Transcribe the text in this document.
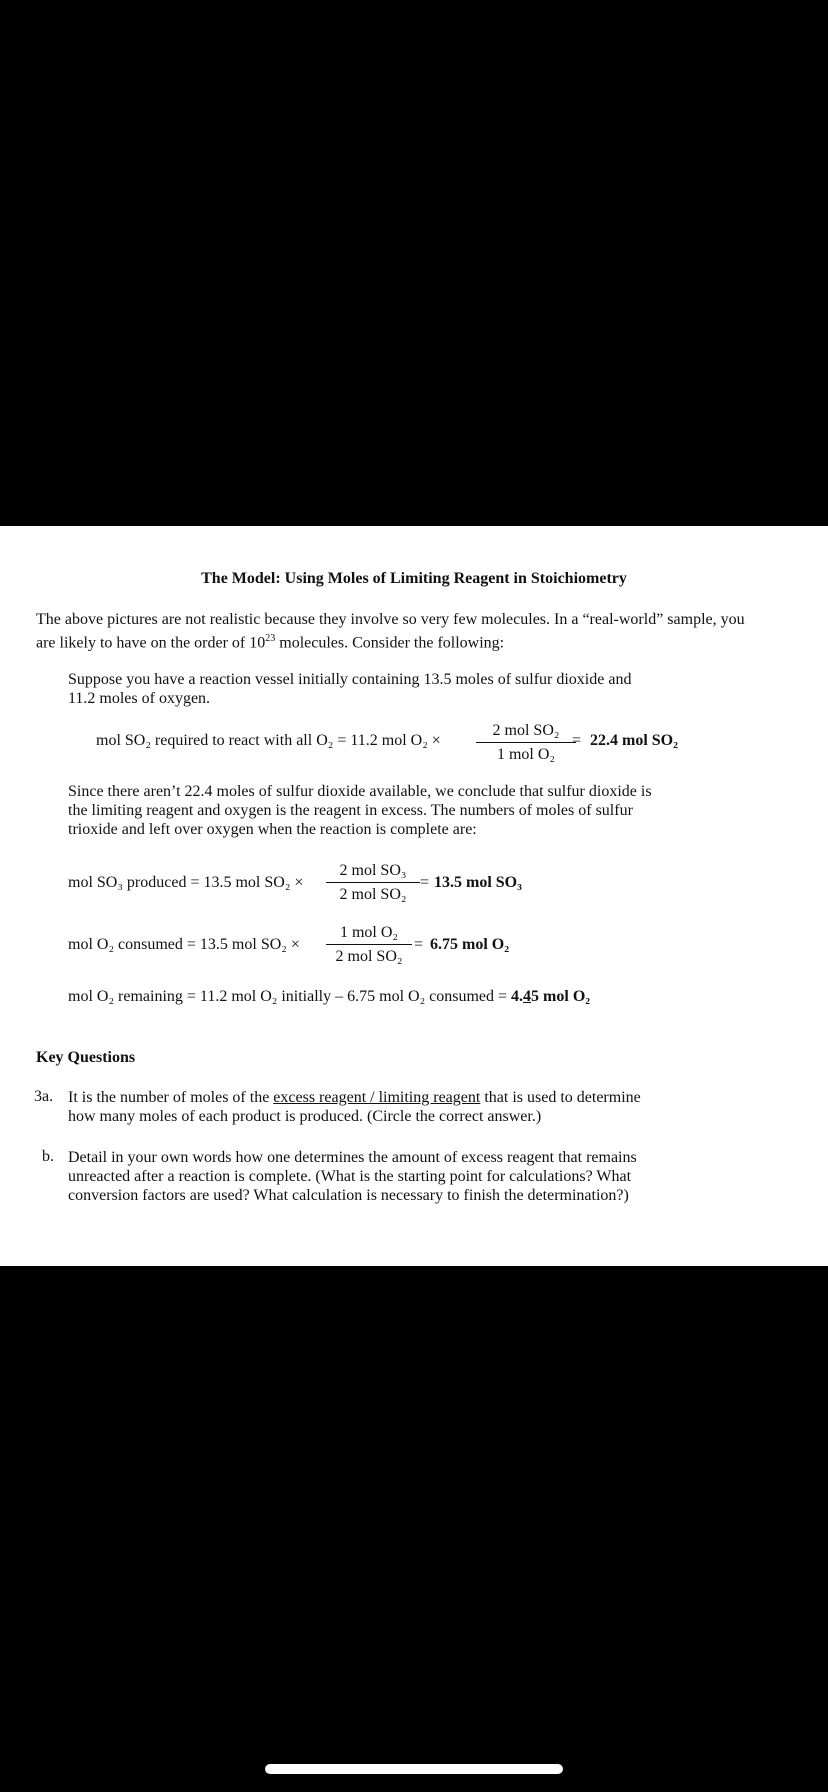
The Model: Using Moles of Limiting Reagent in Stoichiometry
The above pictures are not realistic because they involve so very few molecules. In a “real-world” sample, you
are likely to have on the order of $10^{23}$ molecules. Consider the following:
Suppose you have a reaction vessel initially containing 13.5 moles of sulfur dioxide and
11.2 moles of oxygen.
mol SO₂ required to react with all O₂ = 11.2 mol O₂ ×
2 mol SO₂
1 mol O₂
= 22.4 mol SO₂
Since there aren’t 22.4 moles of sulfur dioxide available, we conclude that sulfur dioxide is
the limiting reagent and oxygen is the reagent in excess. The numbers of moles of sulfur
trioxide and left over oxygen when the reaction is complete are:
mol SO₃ produced = 13.5 mol SO₂ ×
2 mol SO₃
2 mol SO₂
= 13.5 mol SO₃
mol O₂ consumed = 13.5 mol SO₂ ×
1 mol O₂
2 mol SO₂
= 6.75 mol O₂
mol O₂ remaining = 11.2 mol O₂ initially – 6.75 mol O₂ consumed = 4.45 mol O₂
Key Questions
3a. It is the number of moles of the excess reagent / limiting reagent that is used to determine
how many moles of each product is produced. (Circle the correct answer.)
b. Detail in your own words how one determines the amount of excess reagent that remains
unreacted after a reaction is complete. (What is the starting point for calculations? What
conversion factors are used? What calculation is necessary to finish the determination?)
